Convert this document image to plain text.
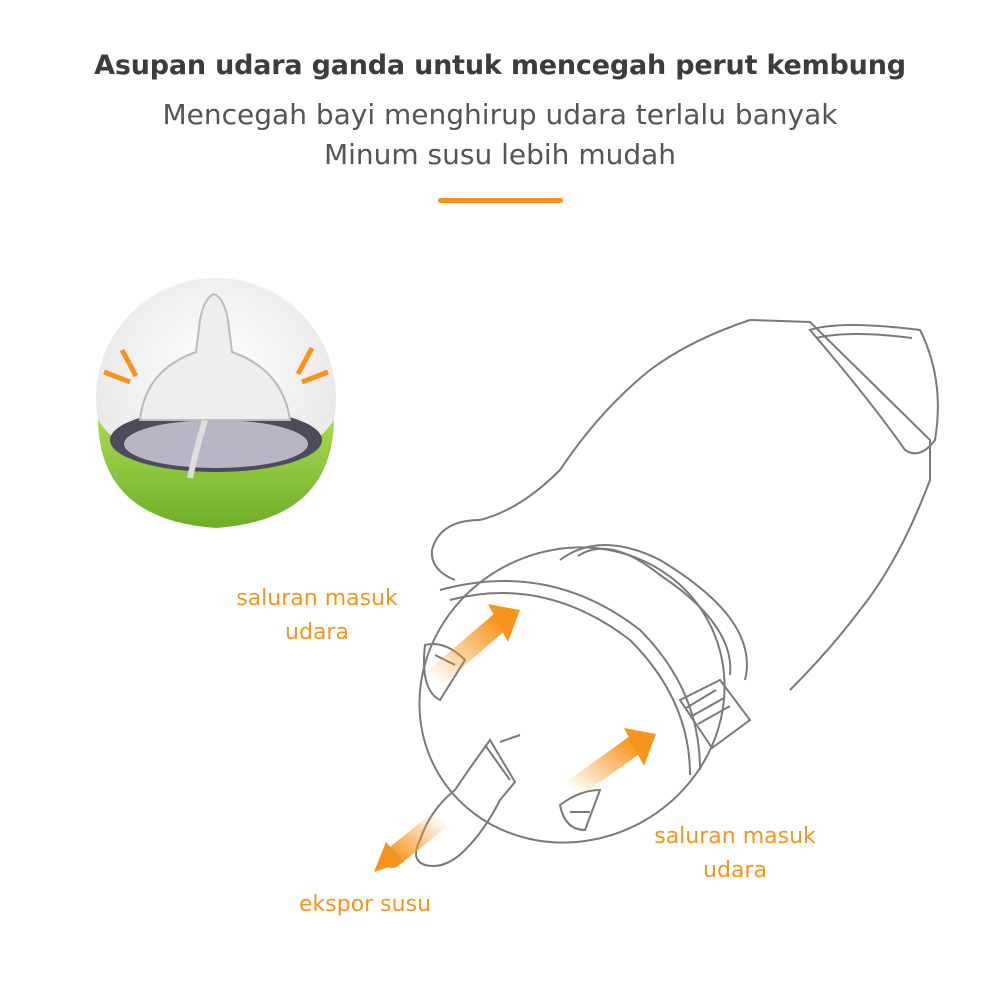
Asupan udara ganda untuk mencegah perut kembung
Mencegah bayi menghirup udara terlalu banyak
Minum susu lebih mudah
saluran masuk
udara
saluran masuk
udara
ekspor susu
